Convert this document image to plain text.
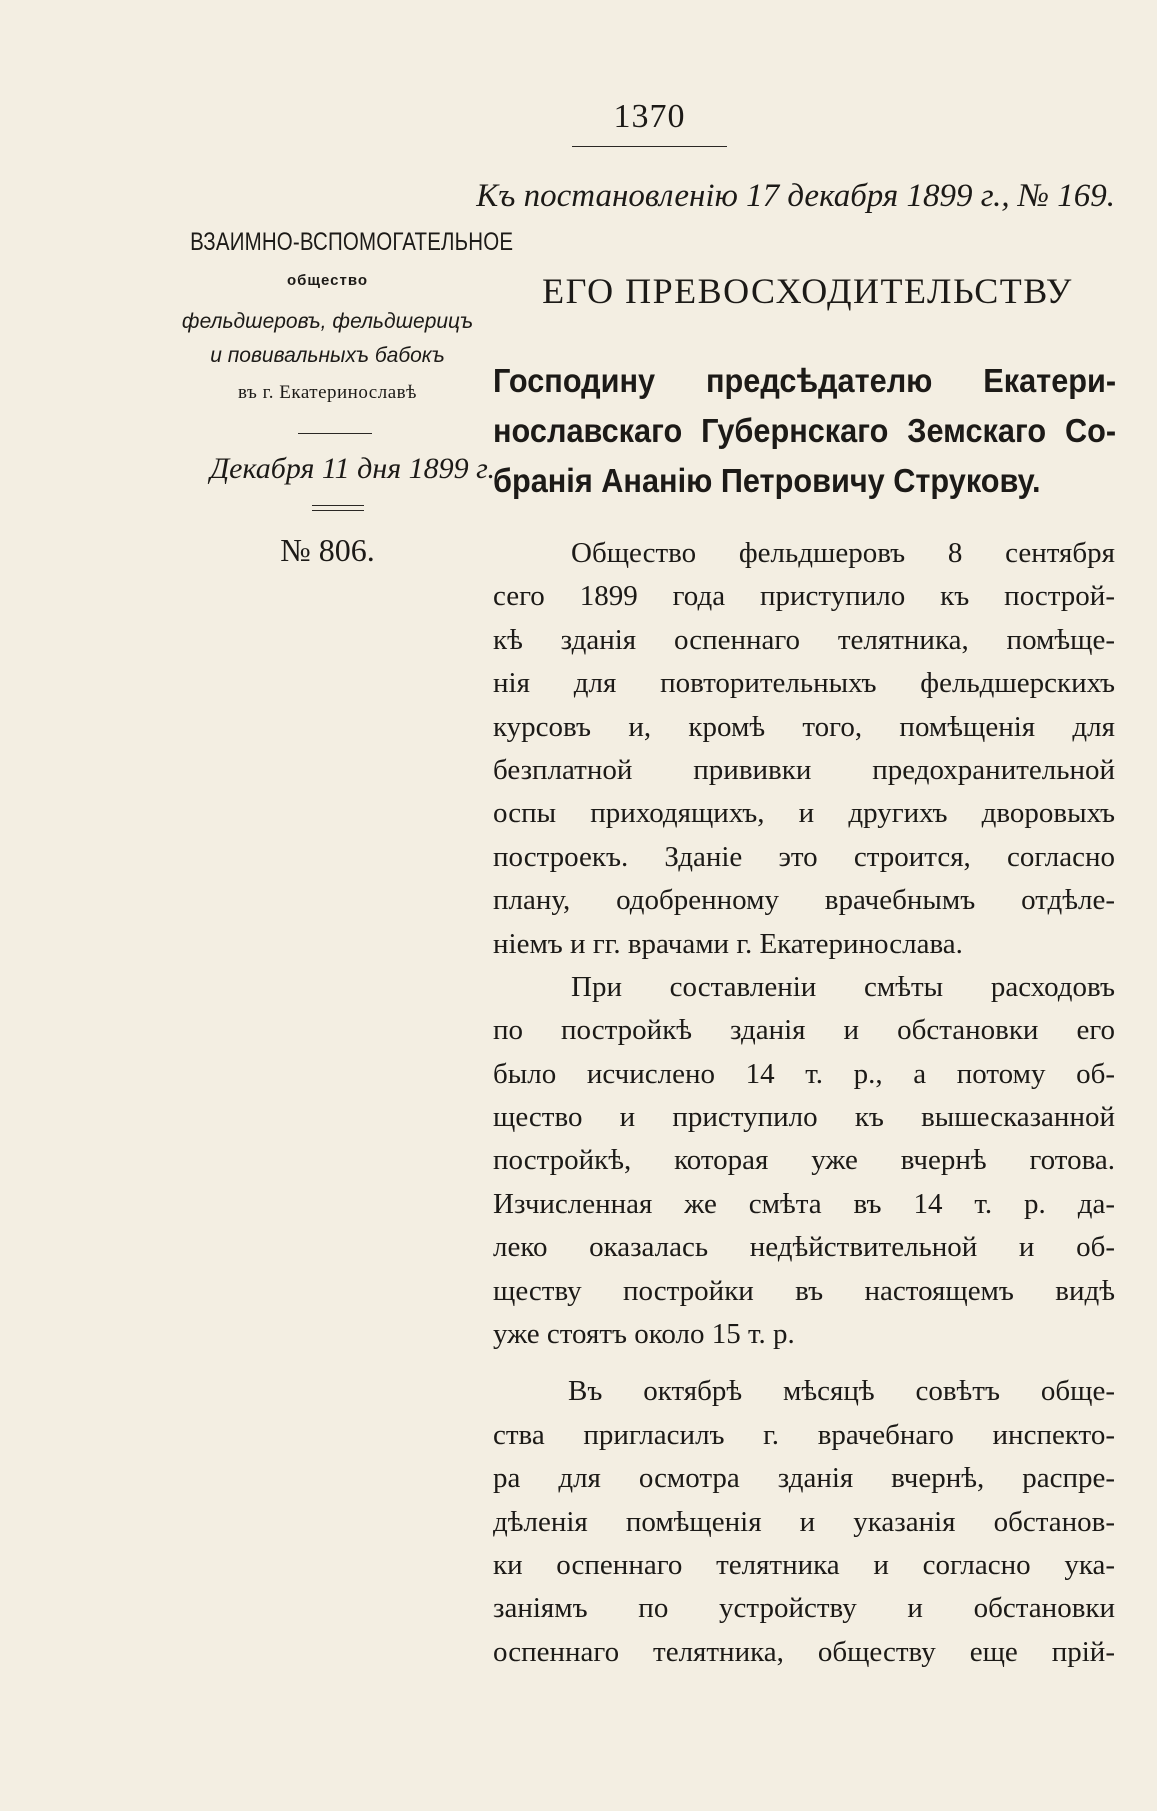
1370
Къ постановленію 17 декабря 1899 г., № 169.
ВЗАИМНО-ВСПОМОГАТЕЛЬНОЕ
общество
фельдшеровъ, фельдшерицъ
и повивальныхъ бабокъ
въ г. Екатеринославѣ
Декабря 11 дня 1899 г.
№ 806.
ЕГО ПРЕВОСХОДИТЕЛЬСТВУ
Господину предсѣдателю Екатери-
нославскаго Губернскаго Земскаго Со-
бранія Ананію Петровичу Струкову.
Общество фельдшеровъ 8 сентября
сего 1899 года приступило къ построй-
кѣ зданія оспеннаго телятника, помѣще-
нія для повторительныхъ фельдшерскихъ
курсовъ и, кромѣ того, помѣщенія для
безплатной прививки предохранительной
оспы приходящихъ, и другихъ дворовыхъ
построекъ. Зданіе это строится, согласно
плану, одобренному врачебнымъ отдѣле-
ніемъ и гг. врачами г. Екатеринослава.
При составленіи смѣты расходовъ
по постройкѣ зданія и обстановки его
было исчислено 14 т. р., а потому об-
щество и приступило къ вышесказанной
постройкѣ, которая уже вчернѣ готова.
Изчисленная же смѣта въ 14 т. р. да-
леко оказалась недѣйствительной и об-
ществу постройки въ настоящемъ видѣ
уже стоятъ около 15 т. р.
Въ октябрѣ мѣсяцѣ совѣтъ обще-
ства пригласилъ г. врачебнаго инспекто-
ра для осмотра зданія вчернѣ, распре-
дѣленія помѣщенія и указанія обстанов-
ки оспеннаго телятника и согласно ука-
заніямъ по устройству и обстановки
оспеннаго телятника, обществу еще прій-
